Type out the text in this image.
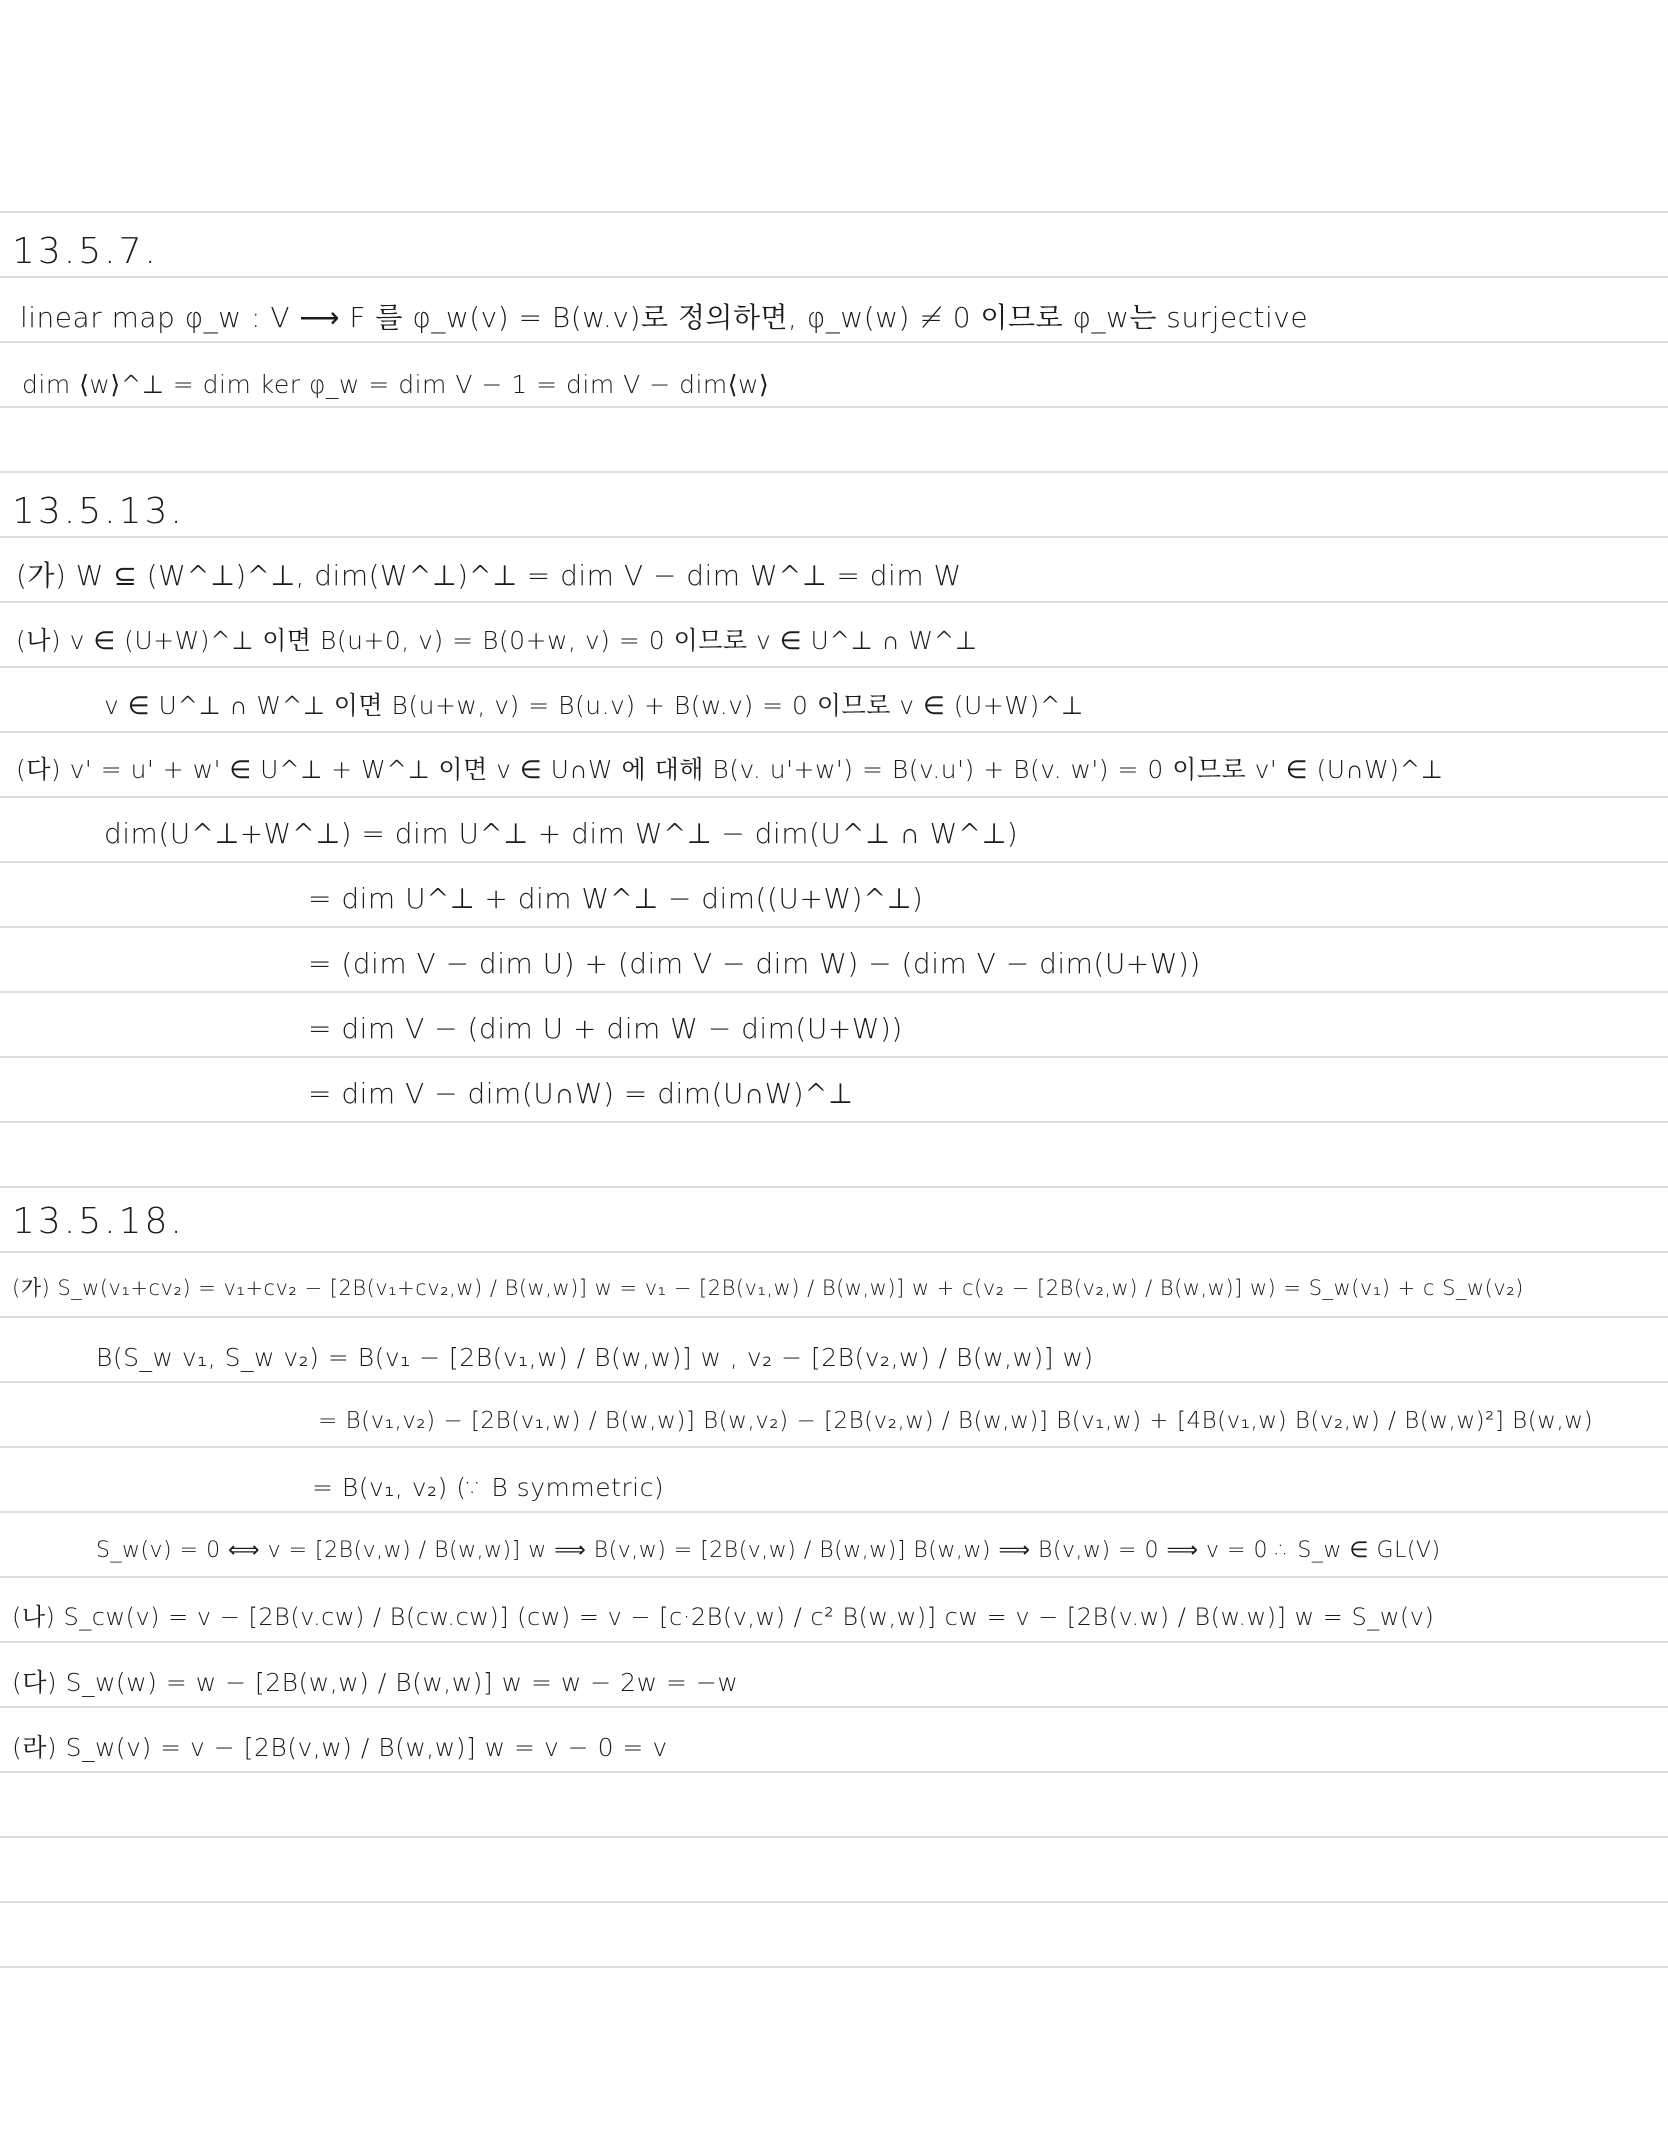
13.5.7.
linear map φ_w : V ⟶ F 를 φ_w(v) = B(w.v)로 정의하면, φ_w(w) ≠ 0 이므로 φ_w는 surjective
dim ⟨w⟩^⊥ = dim ker φ_w = dim V − 1 = dim V − dim⟨w⟩
13.5.13.
(가) W ⊆ (W^⊥)^⊥, dim(W^⊥)^⊥ = dim V − dim W^⊥ = dim W
(나) v ∈ (U+W)^⊥ 이면 B(u+0, v) = B(0+w, v) = 0 이므로 v ∈ U^⊥ ∩ W^⊥
v ∈ U^⊥ ∩ W^⊥ 이면 B(u+w, v) = B(u.v) + B(w.v) = 0 이므로 v ∈ (U+W)^⊥
(다) v' = u' + w' ∈ U^⊥ + W^⊥ 이면 v ∈ U∩W 에 대해 B(v. u'+w') = B(v.u') + B(v. w') = 0 이므로 v' ∈ (U∩W)^⊥
dim(U^⊥+W^⊥) = dim U^⊥ + dim W^⊥ − dim(U^⊥ ∩ W^⊥)
= dim U^⊥ + dim W^⊥ − dim((U+W)^⊥)
= (dim V − dim U) + (dim V − dim W) − (dim V − dim(U+W))
= dim V − (dim U + dim W − dim(U+W))
= dim V − dim(U∩W) = dim(U∩W)^⊥
13.5.18.
(가) S_w(v₁+cv₂) = v₁+cv₂ − [2B(v₁+cv₂,w) / B(w,w)] w = v₁ − [2B(v₁,w) / B(w,w)] w + c(v₂ − [2B(v₂,w) / B(w,w)] w) = S_w(v₁) + c S_w(v₂)
B(S_w v₁, S_w v₂) = B(v₁ − [2B(v₁,w) / B(w,w)] w , v₂ − [2B(v₂,w) / B(w,w)] w)
= B(v₁,v₂) − [2B(v₁,w) / B(w,w)] B(w,v₂) − [2B(v₂,w) / B(w,w)] B(v₁,w) + [4B(v₁,w) B(v₂,w) / B(w,w)²] B(w,w)
= B(v₁, v₂) (∵ B symmetric)
S_w(v) = 0 ⟺ v = [2B(v,w) / B(w,w)] w ⟹ B(v,w) = [2B(v,w) / B(w,w)] B(w,w) ⟹ B(v,w) = 0 ⟹ v = 0 ∴ S_w ∈ GL(V)
(나) S_cw(v) = v − [2B(v.cw) / B(cw.cw)] (cw) = v − [c·2B(v,w) / c² B(w,w)] cw = v − [2B(v.w) / B(w.w)] w = S_w(v)
(다) S_w(w) = w − [2B(w,w) / B(w,w)] w = w − 2w = −w
(라) S_w(v) = v − [2B(v,w) / B(w,w)] w = v − 0 = v
